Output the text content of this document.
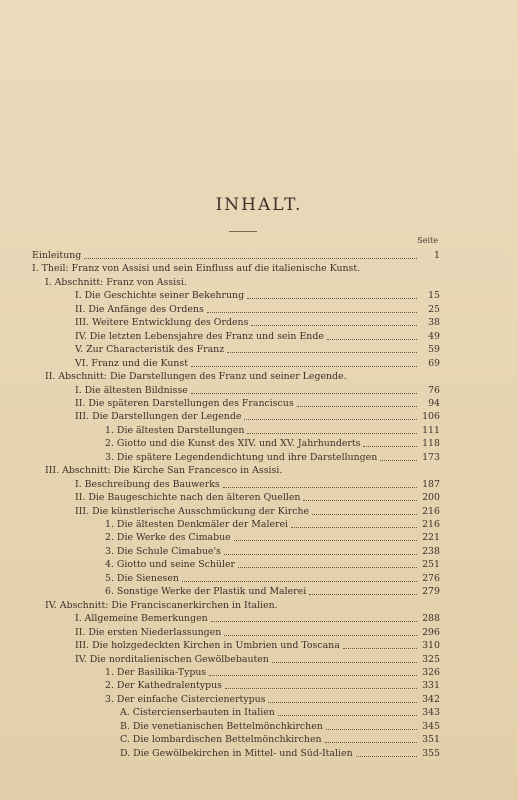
INHALT.
Seite
Einleitung	1
I. Theil: Franz von Assisi und sein Einfluss auf die italienische Kunst.
I. Abschnitt: Franz von Assisi.
I. Die Geschichte seiner Bekehrung	15
II. Die Anfänge des Ordens	25
III. Weitere Entwicklung des Ordens	38
IV. Die letzten Lebensjahre des Franz und sein Ende	49
V. Zur Characteristik des Franz	59
VI. Franz und die Kunst	69
II. Abschnitt: Die Darstellungen des Franz und seiner Legende.
I. Die ältesten Bildnisse	76
II. Die späteren Darstellungen des Franciscus	94
III. Die Darstellungen der Legende	106
1. Die ältesten Darstellungen	111
2. Giotto und die Kunst des XIV. und XV. Jahrhunderts	118
3. Die spätere Legendendichtung und ihre Darstellungen	173
III. Abschnitt: Die Kirche San Francesco in Assisi.
I. Beschreibung des Bauwerks	187
II. Die Baugeschichte nach den älteren Quellen	200
III. Die künstlerische Ausschmückung der Kirche	216
1. Die ältesten Denkmäler der Malerei	216
2. Die Werke des Cimabue	221
3. Die Schule Cimabue's	238
4. Giotto und seine Schüler	251
5. Die Sienesen	276
6. Sonstige Werke der Plastik und Malerei	279
IV. Abschnitt: Die Franciscanerkirchen in Italien.
I. Allgemeine Bemerkungen	288
II. Die ersten Niederlassungen	296
III. Die holzgedeckten Kirchen in Umbrien und Toscana	310
IV. Die norditalienischen Gewölbebauten	325
1. Der Basilika-Typus	326
2. Der Kathedralentypus	331
3. Der einfache Cistercienertypus	342
A. Cistercienserbauten in Italien	343
B. Die venetianischen Bettelmönchkirchen	345
C. Die lombardischen Bettelmönchkirchen	351
D. Die Gewölbekirchen in Mittel- und Süd-Italien	355
